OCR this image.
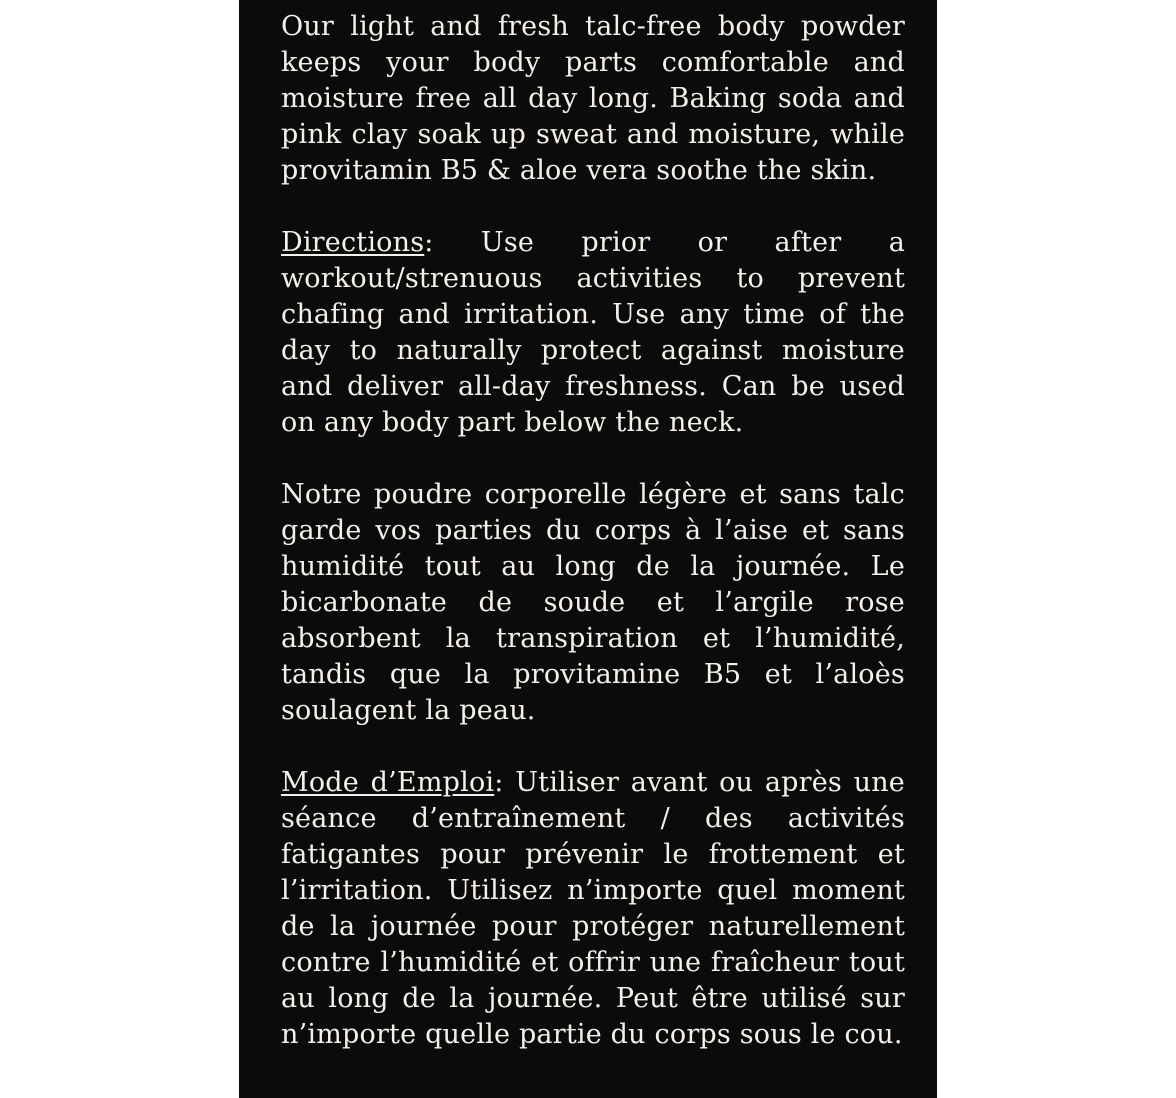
Our light and fresh talc-free body powder keeps your body parts comfortable and moisture free all day long. Baking soda and pink clay soak up sweat and moisture, while provitamin B5 & aloe vera soothe the skin.

Directions: Use prior or after a workout/strenuous activities to prevent chafing and irritation. Use any time of the day to naturally protect against moisture and deliver all-day freshness. Can be used on any body part below the neck.

Notre poudre corporelle légère et sans talc garde vos parties du corps à l’aise et sans humidité tout au long de la journée. Le bicarbonate de soude et l’argile rose absorbent la transpiration et l’humidité, tandis que la provitamine B5 et l’aloès soulagent la peau.

Mode d’Emploi: Utiliser avant ou après une séance d’entraînement / des activités fatigantes pour prévenir le frottement et l’irritation. Utilisez n’importe quel moment de la journée pour protéger naturellement contre l’humidité et offrir une fraîcheur tout au long de la journée. Peut être utilisé sur n’importe quelle partie du corps sous le cou.
